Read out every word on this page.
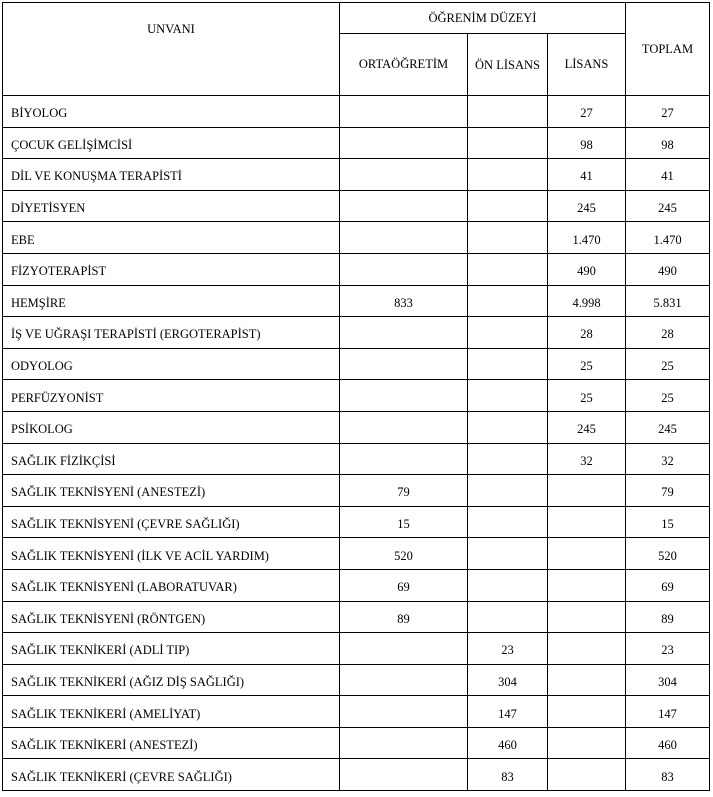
UNVANI	ÖĞRENİM DÜZEYİ			TOPLAM
	ORTAÖĞRETİM	ÖN LİSANS	LİSANS	
BİYOLOG			27	27
ÇOCUK GELİŞİMCİSİ			98	98
DİL VE KONUŞMA TERAPİSTİ			41	41
DİYETİSYEN			245	245
EBE			1.470	1.470
FİZYOTERAPİST			490	490
HEMŞİRE	833		4.998	5.831
İŞ VE UĞRAŞI TERAPİSTİ (ERGOTERAPİST)			28	28
ODYOLOG			25	25
PERFÜZYONİST			25	25
PSİKOLOG			245	245
SAĞLIK FİZİKÇİSİ			32	32
SAĞLIK TEKNİSYENİ (ANESTEZİ)	79			79
SAĞLIK TEKNİSYENİ (ÇEVRE SAĞLIĞI)	15			15
SAĞLIK TEKNİSYENİ (İLK VE ACİL YARDIM)	520			520
SAĞLIK TEKNİSYENİ (LABORATUVAR)	69			69
SAĞLIK TEKNİSYENİ (RÖNTGEN)	89			89
SAĞLIK TEKNİKERİ (ADLİ TIP)		23		23
SAĞLIK TEKNİKERİ (AĞIZ DİŞ SAĞLIĞI)		304		304
SAĞLIK TEKNİKERİ (AMELİYAT)		147		147
SAĞLIK TEKNİKERİ (ANESTEZİ)		460		460
SAĞLIK TEKNİKERİ (ÇEVRE SAĞLIĞI)		83		83
